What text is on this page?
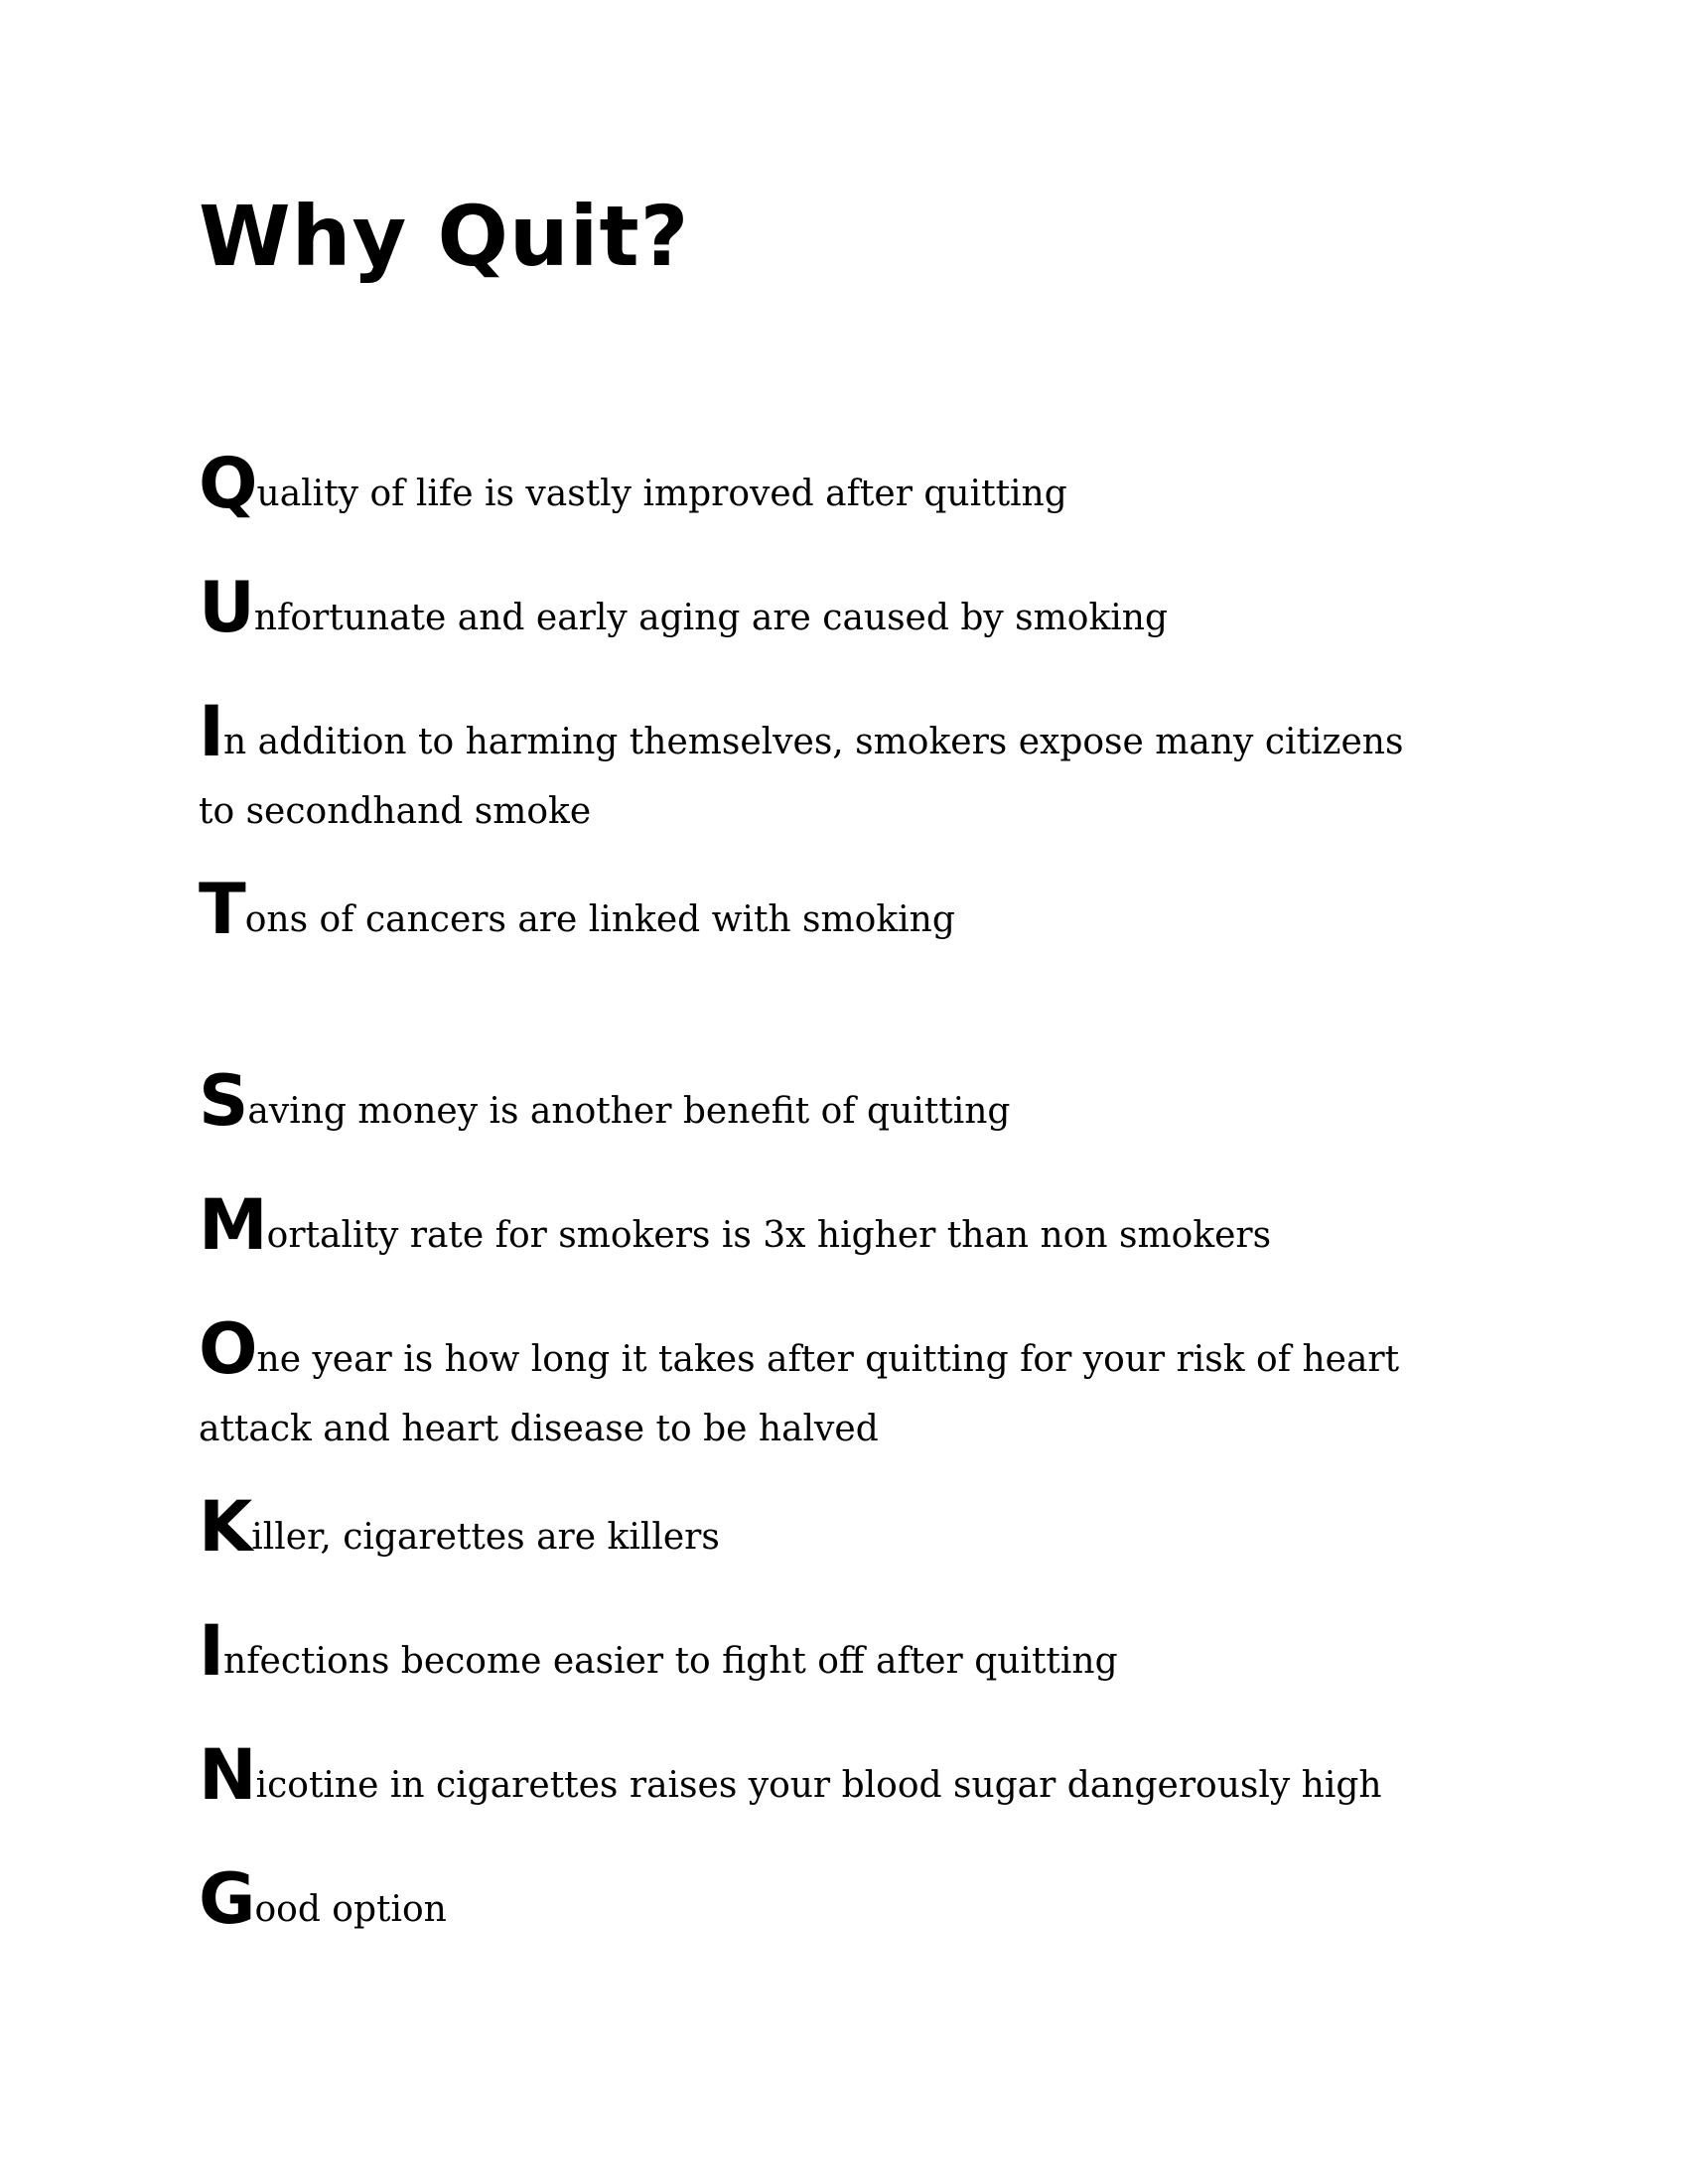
Why Quit?

Quality of life is vastly improved after quitting

Unfortunate and early aging are caused by smoking

In addition to harming themselves, smokers expose many citizens to secondhand smoke

Tons of cancers are linked with smoking

Saving money is another benefit of quitting

Mortality rate for smokers is 3x higher than non smokers

One year is how long it takes after quitting for your risk of heart attack and heart disease to be halved

Killer, cigarettes are killers

Infections become easier to fight off after quitting

Nicotine in cigarettes raises your blood sugar dangerously high

Good option
